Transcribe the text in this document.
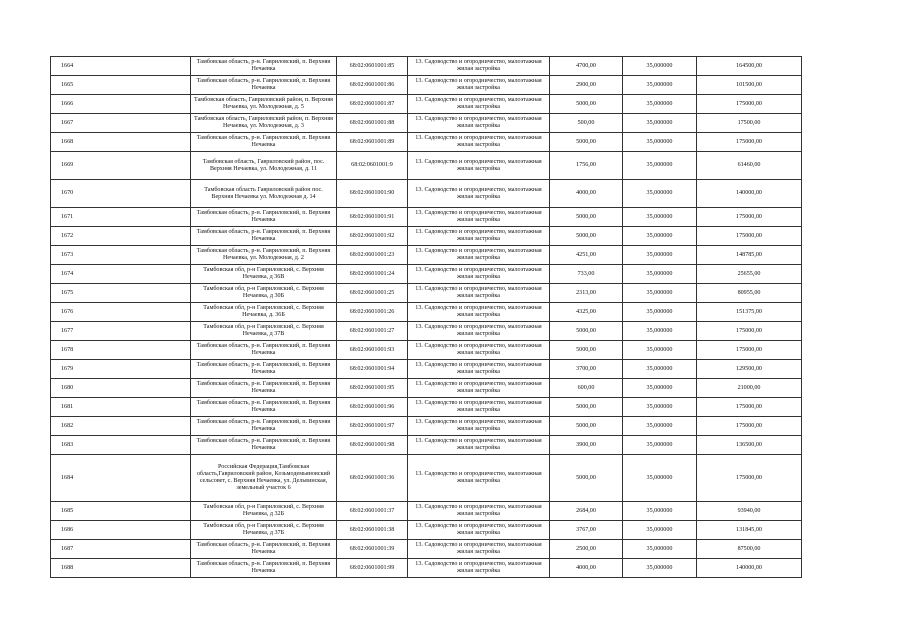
1664	Тамбовская область, р-н. Гавриловский, п. Верхняя Нечаевка	68:02:0601001:85	13. Садоводство и огородничество, малоэтажная жилая застройка	4700,00	35,000000	164500,00
1665	Тамбовская область, р-н. Гавриловский, п. Верхняя Нечаевка	68:02:0601001:86	13. Садоводство и огородничество, малоэтажная жилая застройка	2900,00	35,000000	101500,00
1666	Тамбовская область, Гавриловский район, п. Верхняя Нечаевка, ул. Молодежная, д. 5	68:02:0601001:87	13. Садоводство и огородничество, малоэтажная жилая застройка	5000,00	35,000000	175000,00
1667	Тамбовская область, Гавриловский район, п. Верхняя Нечаевка, ул. Молодежная, д. 3	68:02:0601001:88	13. Садоводство и огородничество, малоэтажная жилая застройка	500,00	35,000000	17500,00
1668	Тамбовская область, р-н. Гавриловский, п. Верхняя Нечаевка	68:02:0601001:89	13. Садоводство и огородничество, малоэтажная жилая застройка	5000,00	35,000000	175000,00
1669	Тамбовская область, Гавриловский район, пос. Верхняя Нечаевка, ул. Молодежная, д. 11	68:02:0601001:9	13. Садоводство и огородничество, малоэтажная жилая застройка	1756,00	35,000000	61460,00
1670	Тамбовская область Гавриловский район пос. Верхняя Нечаевка ул. Молодежная д. 14	68:02:0601001:90	13. Садоводство и огородничество, малоэтажная жилая застройка	4000,00	35,000000	140000,00
1671	Тамбовская область, р-н. Гавриловский, п. Верхняя Нечаевка	68:02:0601001:91	13. Садоводство и огородничество, малоэтажная жилая застройка	5000,00	35,000000	175000,00
1672	Тамбовская область, р-н. Гавриловский, п. Верхняя Нечаевка	68:02:0601001:92	13. Садоводство и огородничество, малоэтажная жилая застройка	5000,00	35,000000	175000,00
1673	Тамбовская область, р-н. Гавриловский, п. Верхняя Нечаевка, ул. Молодежная, д. 2	68:02:0601001:23	13. Садоводство и огородничество, малоэтажная жилая застройка	4251,00	35,000000	148785,00
1674	Тамбовская обл, р-н Гавриловский, с. Верхняя Нечаевка, д 36В	68:02:0601001:24	13. Садоводство и огородничество, малоэтажная жилая застройка	733,00	35,000000	25655,00
1675	Тамбовская обл, р-н Гавриловский, с. Верхняя Нечаевка, д 30Б	68:02:0601001:25	13. Садоводство и огородничество, малоэтажная жилая застройка	2313,00	35,000000	80955,00
1676	Тамбовская обл, р-н Гавриловский, с. Верхняя Нечаевка, д. 36Б	68:02:0601001:26	13. Садоводство и огородничество, малоэтажная жилая застройка	4325,00	35,000000	151375,00
1677	Тамбовская обл, р-н Гавриловский, с. Верхняя Нечаевка, д 37В	68:02:0601001:27	13. Садоводство и огородничество, малоэтажная жилая застройка	5000,00	35,000000	175000,00
1678	Тамбовская область, р-н. Гавриловский, п. Верхняя Нечаевка	68:02:0601001:93	13. Садоводство и огородничество, малоэтажная жилая застройка	5000,00	35,000000	175000,00
1679	Тамбовская область, р-н. Гавриловский, п. Верхняя Нечаевка	68:02:0601001:94	13. Садоводство и огородничество, малоэтажная жилая застройка	3700,00	35,000000	129500,00
1680	Тамбовская область, р-н. Гавриловский, п. Верхняя Нечаевка	68:02:0601001:95	13. Садоводство и огородничество, малоэтажная жилая застройка	600,00	35,000000	21000,00
1681	Тамбовская область, р-н. Гавриловский, п. Верхняя Нечаевка	68:02:0601001:96	13. Садоводство и огородничество, малоэтажная жилая застройка	5000,00	35,000000	175000,00
1682	Тамбовская область, р-н. Гавриловский, п. Верхняя Нечаевка	68:02:0601001:97	13. Садоводство и огородничество, малоэтажная жилая застройка	5000,00	35,000000	175000,00
1683	Тамбовская область, р-н. Гавриловский, п. Верхняя Нечаевка	68:02:0601001:98	13. Садоводство и огородничество, малоэтажная жилая застройка	3900,00	35,000000	136500,00
1684	Российская Федерация,Тамбовская область,Гавриловский район, Козьмодемьяновский сельсовет, с. Верхняя Нечаевка, ул. Дельвинская, земельный участок 6	68:02:0601001:36	13. Садоводство и огородничество, малоэтажная жилая застройка	5000,00	35,000000	175000,00
1685	Тамбовская обл, р-н Гавриловский, с. Верхняя Нечаевка, д 32Б	68:02:0601001:37	13. Садоводство и огородничество, малоэтажная жилая застройка	2684,00	35,000000	93940,00
1686	Тамбовская обл, р-н Гавриловский, с. Верхняя Нечаевка, д 37Б	68:02:0601001:38	13. Садоводство и огородничество, малоэтажная жилая застройка	3767,00	35,000000	131845,00
1687	Тамбовская область, р-н. Гавриловский, п. Верхняя Нечаевка	68:02:0601001:39	13. Садоводство и огородничество, малоэтажная жилая застройка	2500,00	35,000000	87500,00
1688	Тамбовская область, р-н. Гавриловский, п. Верхняя Нечаевка	68:02:0601001:99	13. Садоводство и огородничество, малоэтажная жилая застройка	4000,00	35,000000	140000,00
